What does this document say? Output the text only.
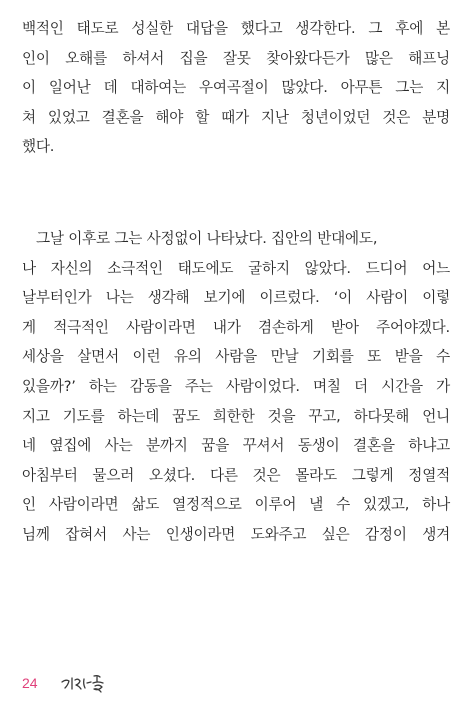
백적인 태도로 성실한 대답을 했다고 생각한다. 그 후에 본
인이 오해를 하셔서 집을 잘못 찾아왔다든가 많은 해프닝
이 일어난 데 대하여는 우여곡절이 많았다. 아무튼 그는 지
쳐 있었고 결혼을 해야 할 때가 지난 청년이었던 것은 분명
했다.
그날 이후로 그는 사정없이 나타났다. 집안의 반대에도,
나 자신의 소극적인 태도에도 굴하지 않았다. 드디어 어느
날부터인가 나는 생각해 보기에 이르렀다. ‘이 사람이 이렇
게 적극적인 사람이라면 내가 겸손하게 받아 주어야겠다.
세상을 살면서 이런 유의 사람을 만날 기회를 또 받을 수
있을까?’ 하는 감동을 주는 사람이었다. 며칠 더 시간을 가
지고 기도를 하는데 꿈도 희한한 것을 꾸고, 하다못해 언니
네 옆집에 사는 분까지 꿈을 꾸셔서 동생이 결혼을 하냐고
아침부터 물으러 오셨다. 다른 것은 몰라도 그렇게 정열적
인 사람이라면 삶도 열정적으로 이루어 낼 수 있겠고, 하나
님께 잡혀서 사는 인생이라면 도와주고 싶은 감정이 생겨
24
